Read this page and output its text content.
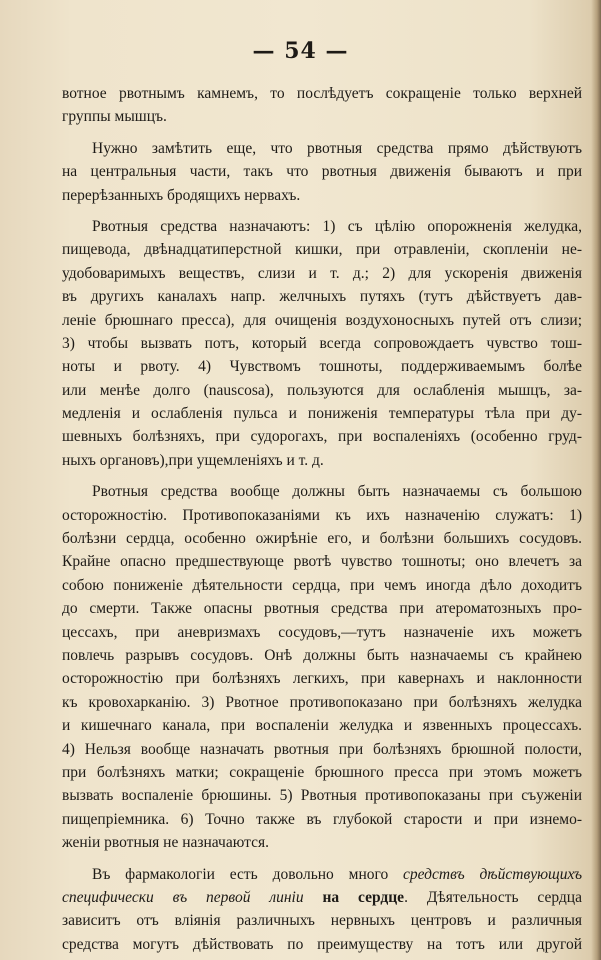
— 54 —
вотное рвотнымъ камнемъ, то послѣдуетъ сокращеніе только верхней
группы мышцъ.
Нужно замѣтить еще, что рвотныя средства прямо дѣйствуютъ
на центральныя части, такъ что рвотныя движенія бываютъ и при
перерѣзанныхъ бродящихъ нервахъ.
Рвотныя средства назначаютъ: 1) съ цѣлію опорожненія желудка,
пищевода, двѣнадцатиперстной кишки, при отравленіи, скопленіи не-
удобоваримыхъ веществъ, слизи и т. д.; 2) для ускоренія движенія
въ другихъ каналахъ напр. желчныхъ путяхъ (тутъ дѣйствуетъ дав-
леніе брюшнаго пресса), для очищенія воздухоносныхъ путей отъ слизи;
3) чтобы вызвать потъ, который всегда сопровождаетъ чувство тош-
ноты и рвоту. 4) Чувствомъ тошноты, поддерживаемымъ болѣе
или менѣе долго (nauscosa), пользуются для ослабленія мышцъ, за-
медленія и ослабленія пульса и пониженія температуры тѣла при ду-
шевныхъ болѣзняхъ, при судорогахъ, при воспаленіяхъ (особенно груд-
ныхъ органовъ),при ущемленіяхъ и т. д.
Рвотныя средства вообще должны быть назначаемы съ большою
осторожностію. Противопоказаніями къ ихъ назначенію служатъ: 1)
болѣзни сердца, особенно ожирѣніе его, и болѣзни большихъ сосудовъ.
Крайне опасно предшествующе рвотѣ чувство тошноты; оно влечетъ за
собою пониженіе дѣятельности сердца, при чемъ иногда дѣло доходитъ
до смерти. Также опасны рвотныя средства при атероматозныхъ про-
цессахъ, при аневризмахъ сосудовъ,—тутъ назначеніе ихъ можетъ
повлечь разрывъ сосудовъ. Онѣ должны быть назначаемы съ крайнею
осторожностію при болѣзняхъ легкихъ, при кавернахъ и наклонности
къ кровохарканію. 3) Рвотное противопоказано при болѣзняхъ желудка
и кишечнаго канала, при воспаленіи желудка и язвенныхъ процессахъ.
4) Нельзя вообще назначать рвотныя при болѣзняхъ брюшной полости,
при болѣзняхъ матки; сокращеніе брюшного пресса при этомъ можетъ
вызвать воспаленіе брюшины. 5) Рвотныя противопоказаны при съуженіи
пищепріемника. 6) Точно также въ глубокой старости и при изнемо-
женіи рвотныя не назначаются.
Въ фармакологіи есть довольно много средствъ дѣйствующихъ
специфически въ первой линіи на сердце. Дѣятельность сердца
зависитъ отъ вліянія различныхъ нервныхъ центровъ и различныя
средства могутъ дѣйствовать по преимуществу на тотъ или другой
